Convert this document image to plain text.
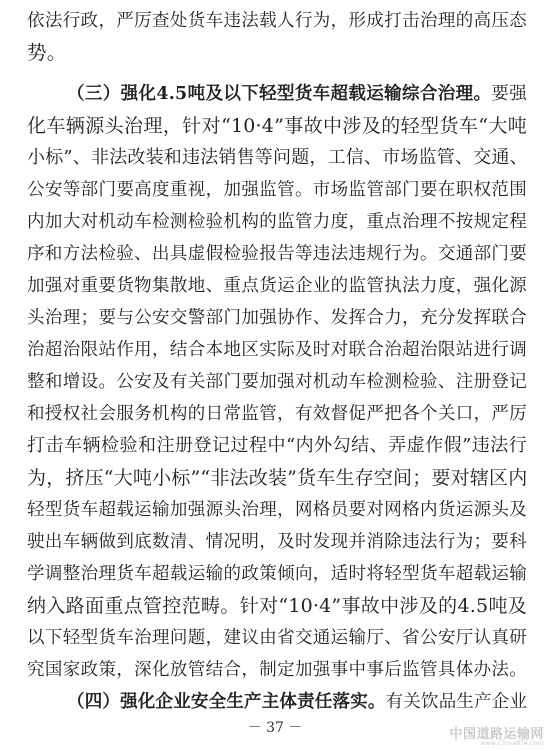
依法行政，严厉查处货车违法载人行为，形成打击治理的高压态
势。
（三）强化4.5吨及以下轻型货车超载运输综合治理。要强
化车辆源头治理，针对“10·4”事故中涉及的轻型货车“大吨
小标”、非法改装和违法销售等问题，工信、市场监管、交通、
公安等部门要高度重视，加强监管。市场监管部门要在职权范围
内加大对机动车检测检验机构的监管力度，重点治理不按规定程
序和方法检验、出具虚假检验报告等违法违规行为。交通部门要
加强对重要货物集散地、重点货运企业的监管执法力度，强化源
头治理；要与公安交警部门加强协作、发挥合力，充分发挥联合
治超治限站作用，结合本地区实际及时对联合治超治限站进行调
整和增设。公安及有关部门要加强对机动车检测检验、注册登记
和授权社会服务机构的日常监管，有效督促严把各个关口，严厉
打击车辆检验和注册登记过程中“内外勾结、弄虚作假”违法行
为，挤压“大吨小标”“非法改装”货车生存空间；要对辖区内
轻型货车超载运输加强源头治理，网格员要对网格内货运源头及
驶出车辆做到底数清、情况明，及时发现并消除违法行为；要科
学调整治理货车超载运输的政策倾向，适时将轻型货车超载运输
纳入路面重点管控范畴。针对“10·4”事故中涉及的4.5吨及
以下轻型货车治理问题，建议由省交通运输厅、省公安厅认真研
究国家政策，深化放管结合，制定加强事中事后监管具体办法。
（四）强化企业安全生产主体责任落实。有关饮品生产企业
－ 37 －	中国道路运输网
www.ChinaRTA.com
